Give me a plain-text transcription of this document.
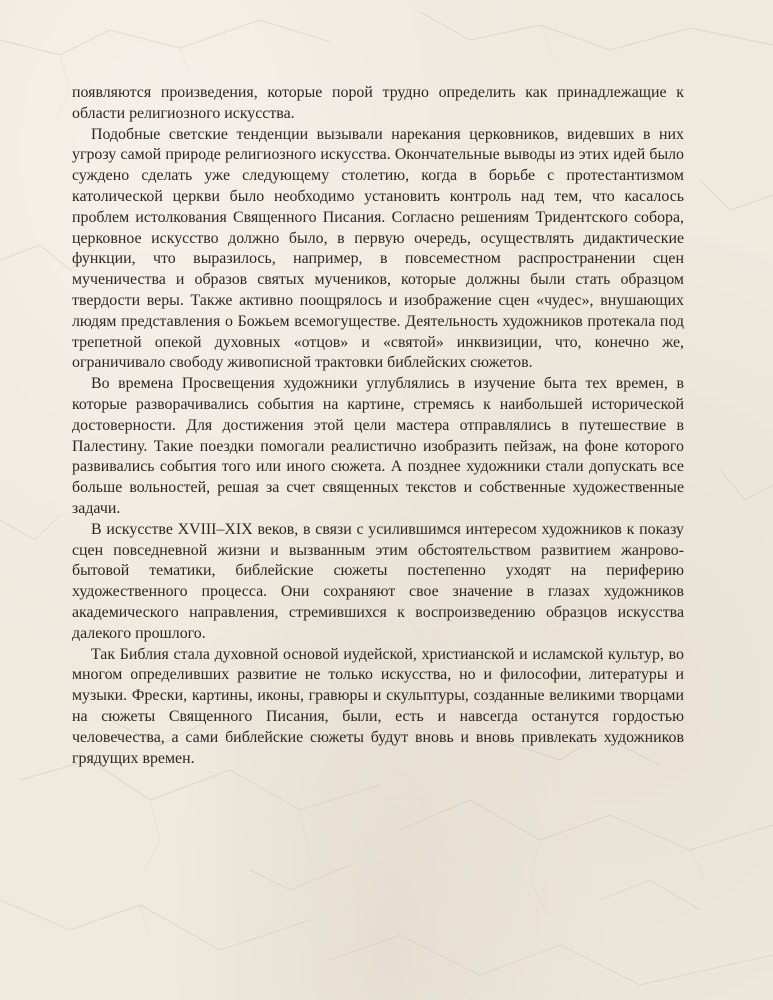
появляются произведения, которые порой трудно определить как принадлежащие к области религиозного искусства.

Подобные светские тенденции вызывали нарекания церковников, видевших в них угрозу самой природе религиозного искусства. Окончательные выводы из этих идей было суждено сделать уже следующему столетию, когда в борьбе с протестантизмом католической церкви было необходимо установить контроль над тем, что касалось проблем истолкования Священного Писания. Согласно решениям Тридентского собора, церковное искусство должно было, в первую очередь, осуществлять дидактические функции, что выразилось, например, в повсеместном распространении сцен мученичества и образов святых мучеников, которые должны были стать образцом твердости веры. Также активно поощрялось и изображение сцен «чудес», внушающих людям представления о Божьем всемогуществе. Деятельность художников протекала под трепетной опекой духовных «отцов» и «святой» инквизиции, что, конечно же, ограничивало свободу живописной трактовки библейских сюжетов.

Во времена Просвещения художники углублялись в изучение быта тех времен, в которые разворачивались события на картине, стремясь к наибольшей исторической достоверности. Для достижения этой цели мастера отправлялись в путешествие в Палестину. Такие поездки помогали реалистично изобразить пейзаж, на фоне которого развивались события того или иного сюжета. А позднее художники стали допускать все больше вольностей, решая за счет священных текстов и собственные художественные задачи.

В искусстве XVIII–XIX веков, в связи с усилившимся интересом художников к показу сцен повседневной жизни и вызванным этим обстоятельством развитием жанрово-бытовой тематики, библейские сюжеты постепенно уходят на периферию художественного процесса. Они сохраняют свое значение в глазах художников академического направления, стремившихся к воспроизведению образцов искусства далекого прошлого.

Так Библия стала духовной основой иудейской, христианской и исламской культур, во многом определивших развитие не только искусства, но и философии, литературы и музыки. Фрески, картины, иконы, гравюры и скульптуры, созданные великими творцами на сюжеты Священного Писания, были, есть и навсегда останутся гордостью человечества, а сами библейские сюжеты будут вновь и вновь привлекать художников грядущих времен.
